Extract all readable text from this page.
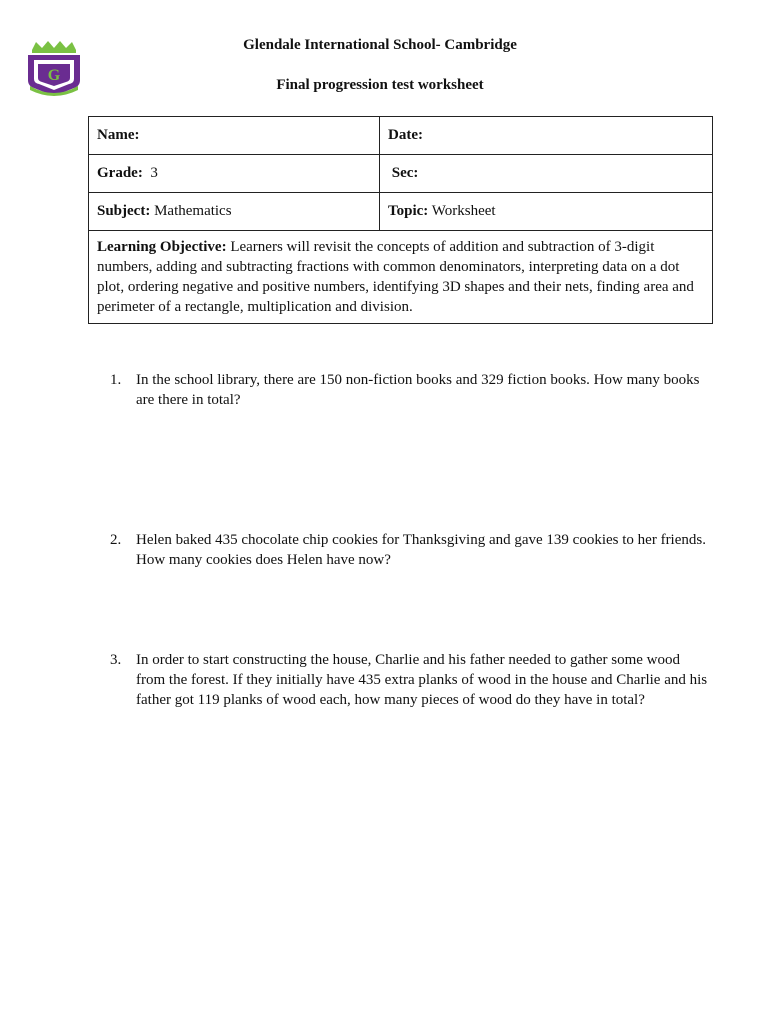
G
Glendale International School- Cambridge
Final progression test worksheet
Name:	Date:
Grade: 3	Sec:
Subject: Mathematics	Topic: Worksheet
Learning Objective: Learners will revisit the concepts of addition and subtraction of 3-digit numbers, adding and subtracting fractions with common denominators, interpreting data on a dot plot, ordering negative and positive numbers, identifying 3D shapes and their nets, finding area and perimeter of a rectangle, multiplication and division.	
1. In the school library, there are 150 non-fiction books and 329 fiction books. How many books are there in total?
2. Helen baked 435 chocolate chip cookies for Thanksgiving and gave 139 cookies to her friends. How many cookies does Helen have now?
3. In order to start constructing the house, Charlie and his father needed to gather some wood from the forest. If they initially have 435 extra planks of wood in the house and Charlie and his father got 119 planks of wood each, how many pieces of wood do they have in total?
